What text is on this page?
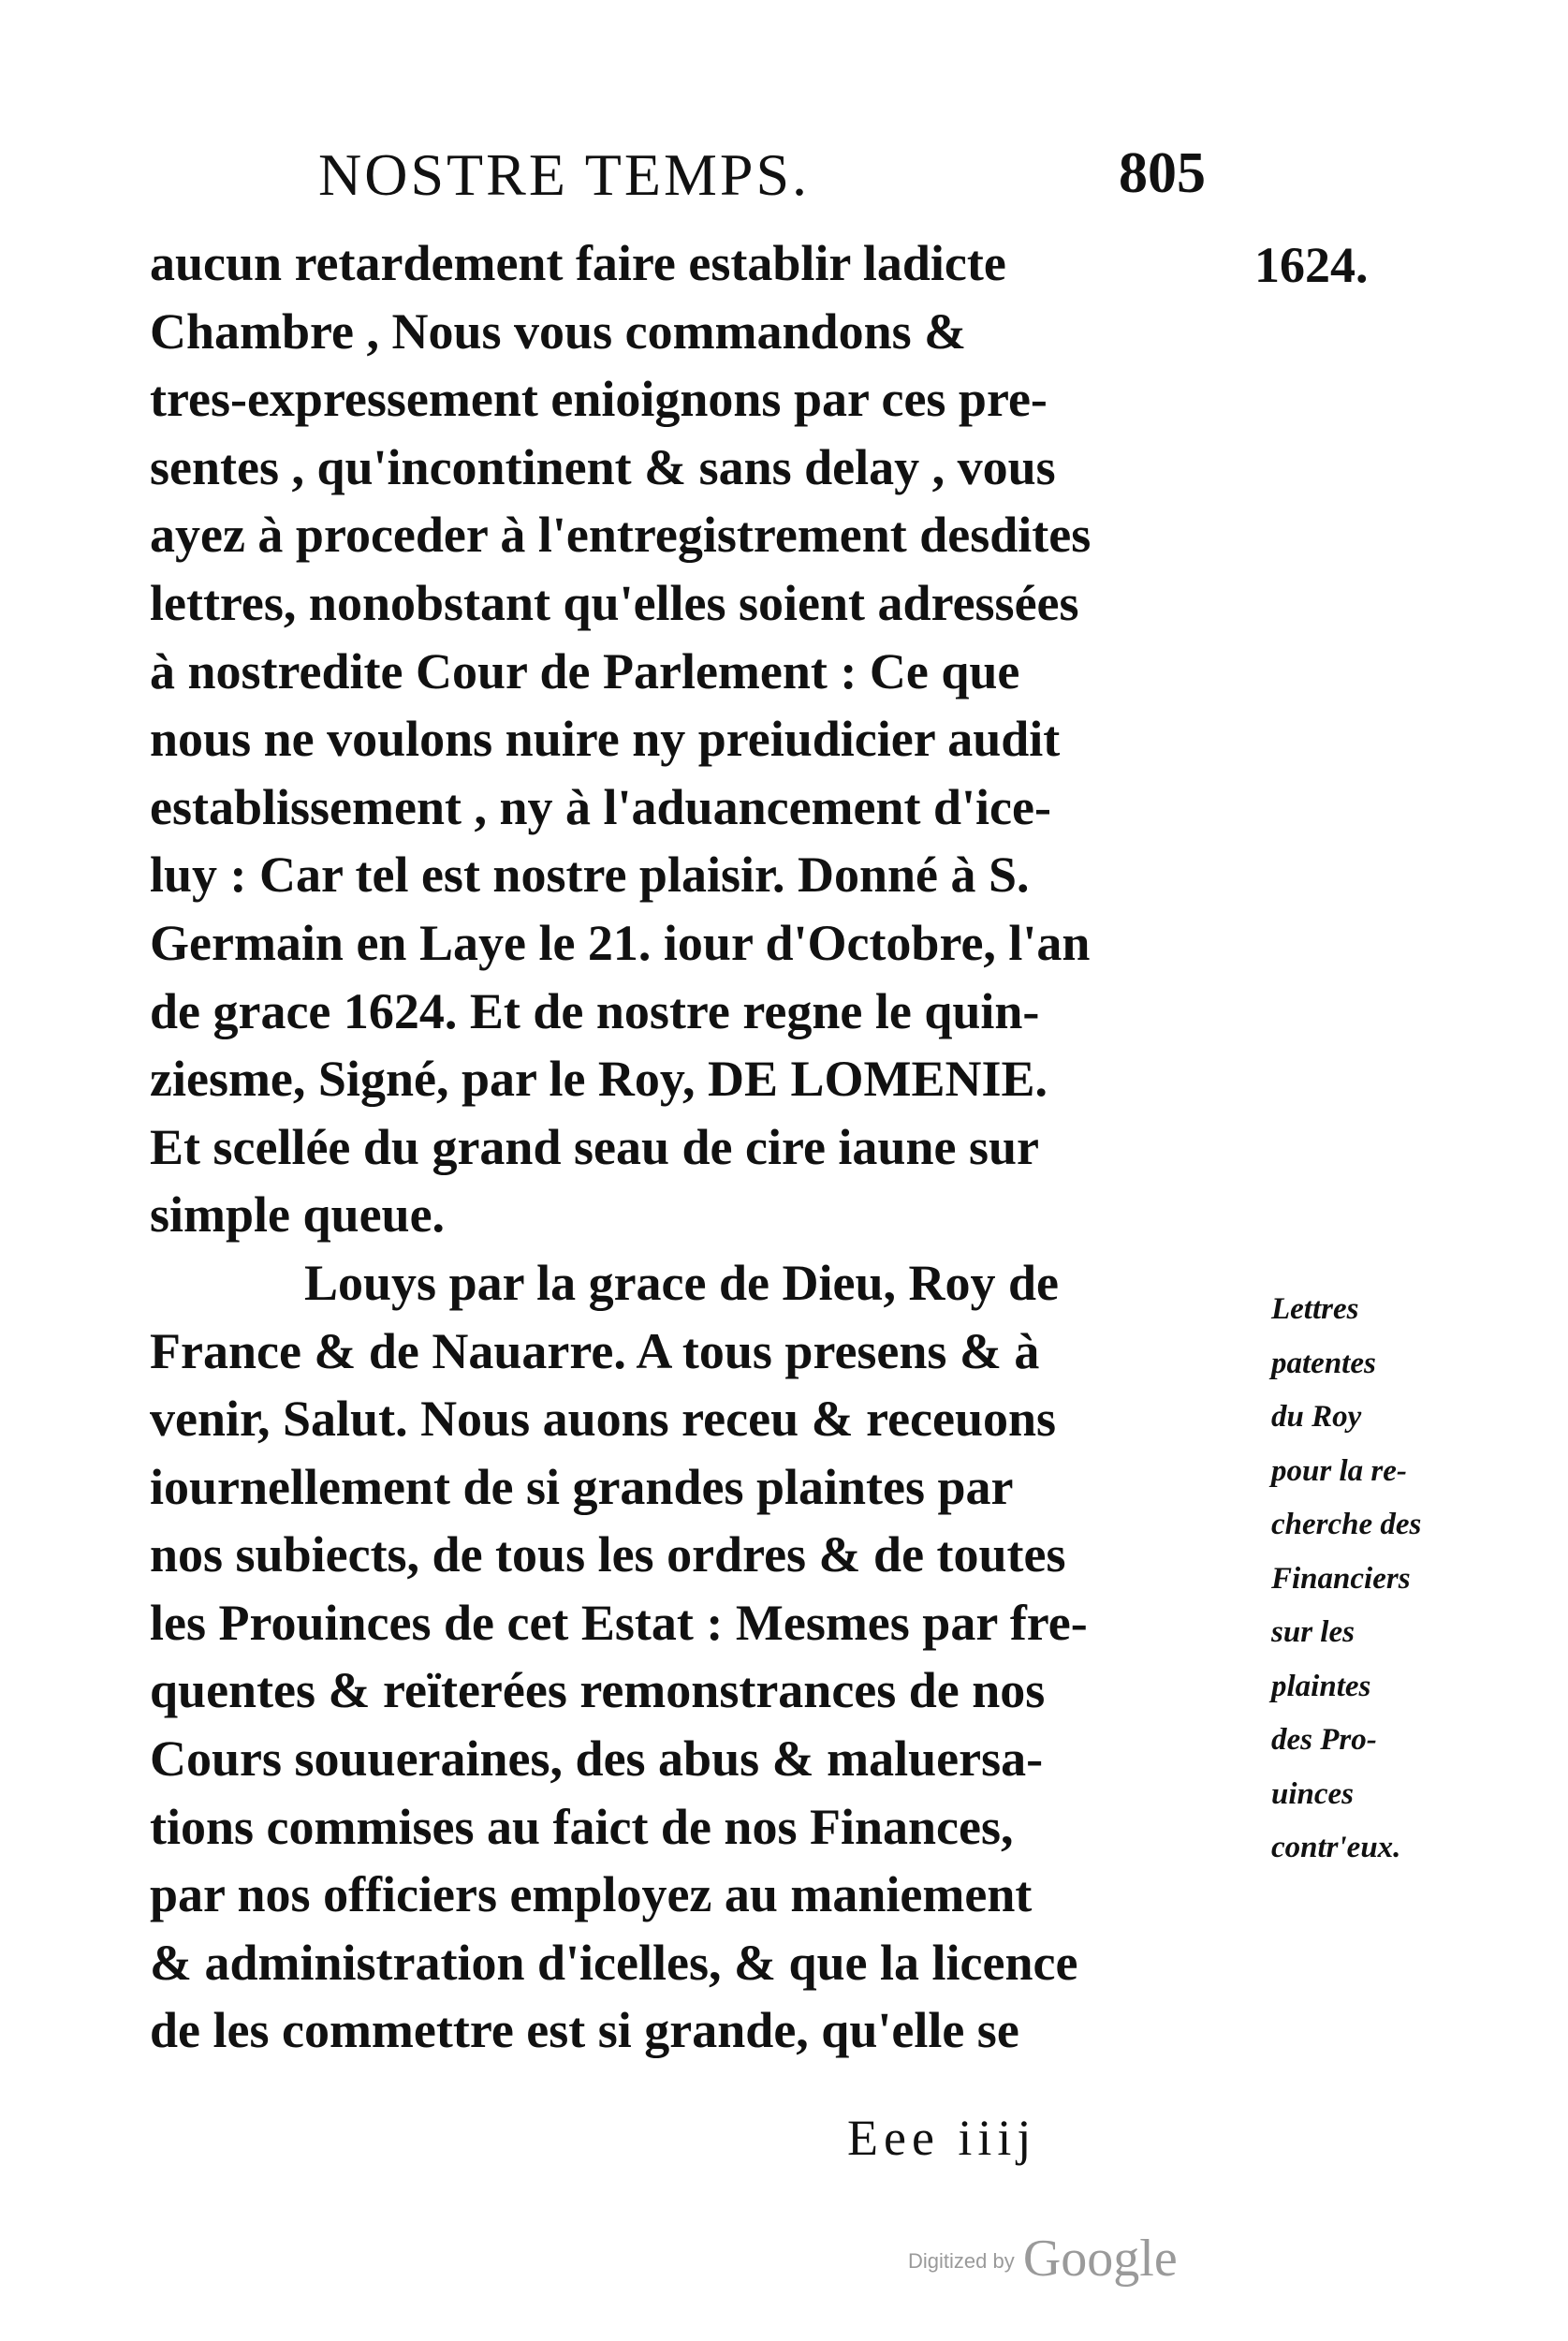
NOSTRE TEMPS.	805
1624.
aucun retardement faire establir ladicte
Chambre , Nous vous commandons &
tres-expressement enioignons par ces pre-
sentes , qu'incontinent & sans delay , vous
ayez à proceder à l'entregistrement desdites
lettres, nonobstant qu'elles soient adressées
à nostredite Cour de Parlement : Ce que
nous ne voulons nuire ny preiudicier audit
establissement , ny à l'aduancement d'ice-
luy : Car tel est nostre plaisir. Donné à S.
Germain en Laye le 21. iour d'Octobre, l'an
de grace 1624. Et de nostre regne le quin-
ziesme, Signé, par le Roy, DE LOMENIE.
Et scellée du grand seau de cire iaune sur
simple queue.
Louys par la grace de Dieu, Roy de
France & de Nauarre. A tous presens & à
venir, Salut. Nous auons receu & receuons
iournellement de si grandes plaintes par
nos subiects, de tous les ordres & de toutes
les Prouinces de cet Estat : Mesmes par fre-
quentes & reïterées remonstrances de nos
Cours souueraines, des abus & maluersa-
tions commises au faict de nos Finances,
par nos officiers employez au maniement
& administration d'icelles, & que la licence
de les commettre est si grande, qu'elle se
Lettres
patentes
du Roy
pour la re-
cherche des
Financiers
sur les
plaintes
des Pro-
uinces
contr'eux.
Eee iiij
Digitized by Google
